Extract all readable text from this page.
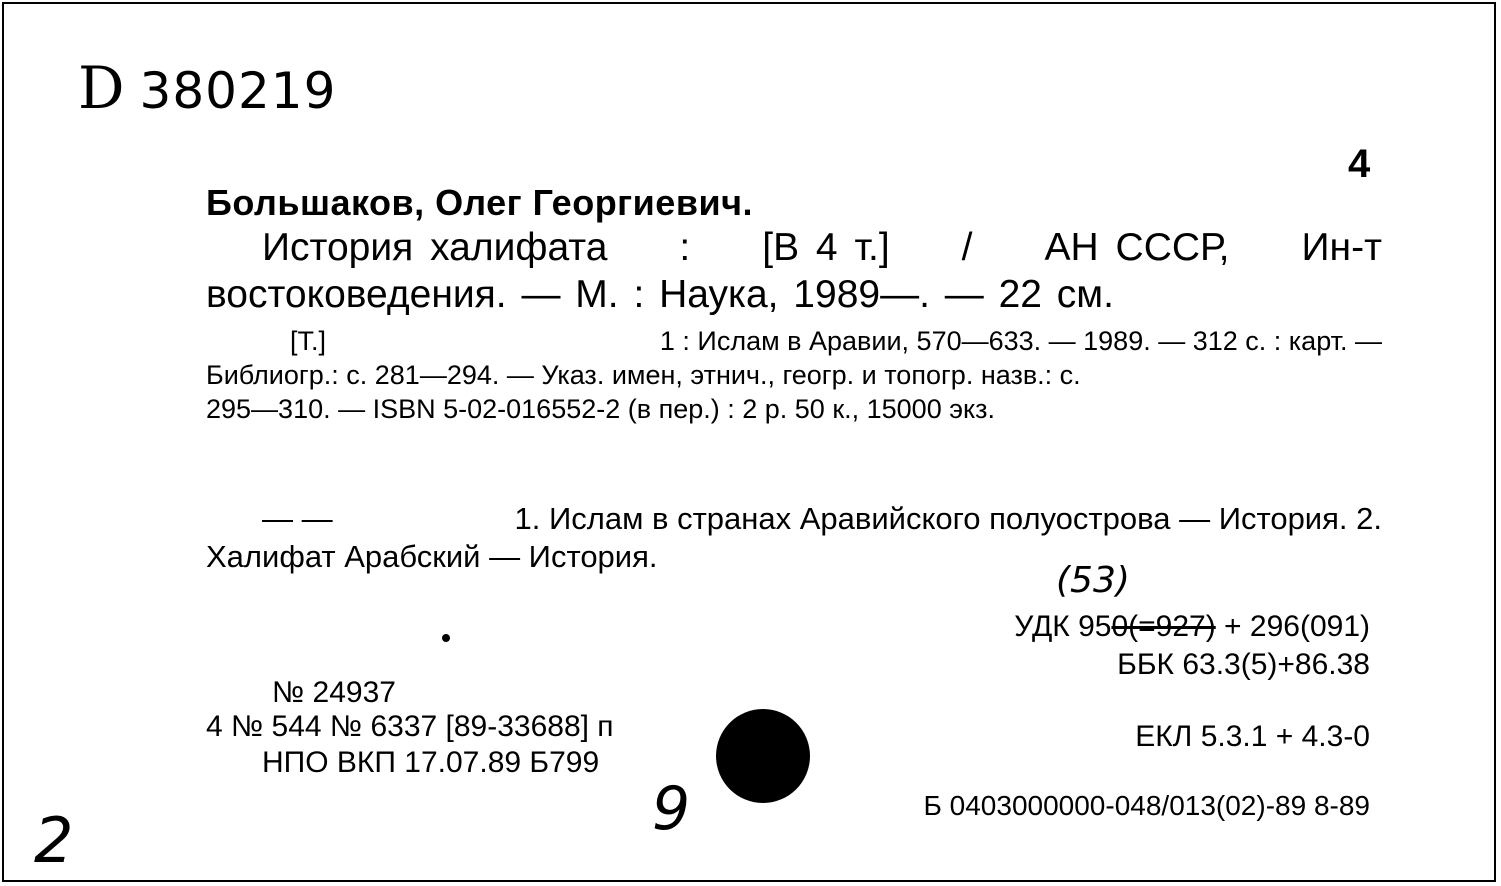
D 380219
4
Большаков, Олег Георгиевич.
История халифата : [В 4 т.] / АН СССР, Ин-т
востоковедения. — М. : Наука, 1989—. — 22 см.
[Т.]	1 : Ислам в Аравии, 570—633. — 1989. — 312 с. : карт. —
Библиогр.: с. 281—294. — Указ. имен, этнич., геогр. и топогр. назв.: с.
295—310. — ISBN 5-02-016552-2 (в пер.) : 2 р. 50 к., 15000 экз.
— —	1. Ислам в странах Аравийского полуострова — История. 2.
Халифат Арабский — История.
(53)
УДК 950(=927) + 296(091)
ББК 63.3(5)+86.38
ЕКЛ 5.3.1 + 4.3-0
Б 0403000000-048/013(02)-89 8-89
№ 24937
4 № 544 № 6337 [89-33688] п
НПО ВКП 17.07.89 Б799
9
2
